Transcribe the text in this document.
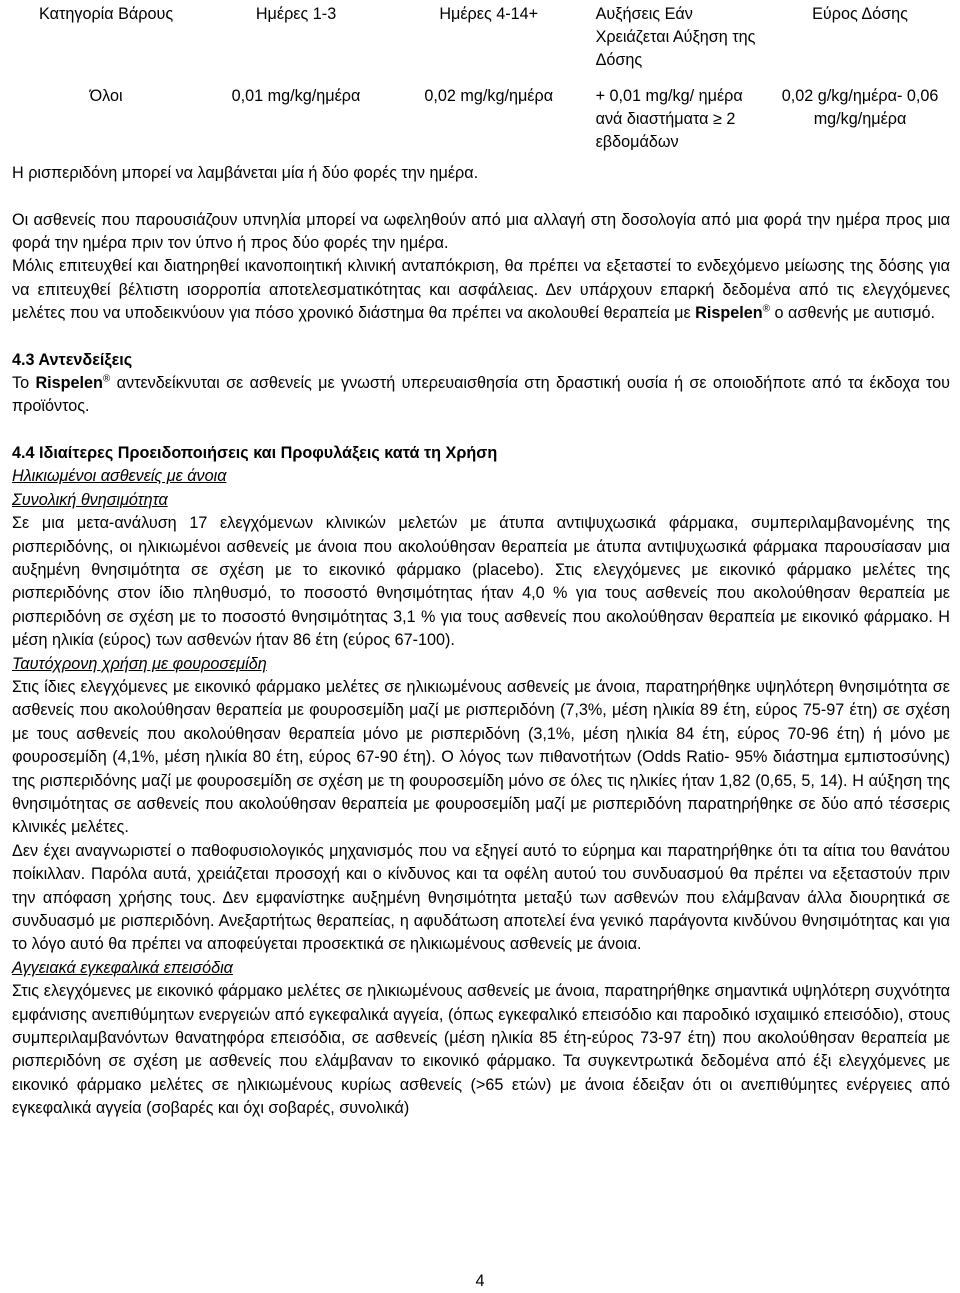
Κατηγορία Βάρους	Ημέρες 1-3	Ημέρες 4-14+	Αυξήσεις Εάν Χρειάζεται Αύξηση της Δόσης	Εύρος Δόσης
Όλοι	0,01 mg/kg/ημέρα	0,02 mg/kg/ημέρα	+ 0,01 mg/kg/ ημέρα ανά διαστήματα ≥ 2 εβδομάδων	0,02 g/kg/ημέρα- 0,06 mg/kg/ημέρα

Η ρισπεριδόνη μπορεί να λαμβάνεται μία ή δύο φορές την ημέρα.

Οι ασθενείς που παρουσιάζουν υπνηλία μπορεί να ωφεληθούν από μια αλλαγή στη δοσολογία από μια φορά την ημέρα προς μια φορά την ημέρα πριν τον ύπνο ή προς δύο φορές την ημέρα.

Μόλις επιτευχθεί και διατηρηθεί ικανοποιητική κλινική ανταπόκριση, θα πρέπει να εξεταστεί το ενδεχόμενο μείωσης της δόσης για να επιτευχθεί βέλτιστη ισορροπία αποτελεσματικότητας και ασφάλειας. Δεν υπάρχουν επαρκή δεδομένα από τις ελεγχόμενες μελέτες που να υποδεικνύουν για πόσο χρονικό διάστημα θα πρέπει να ακολουθεί θεραπεία με Rispelen® ο ασθενής με αυτισμό.

4.3 Αντενδείξεις

Το Rispelen® αντενδείκνυται σε ασθενείς με γνωστή υπερευαισθησία στη δραστική ουσία ή σε οποιοδήποτε από τα έκδοχα του προϊόντος.

4.4 Ιδιαίτερες Προειδοποιήσεις και Προφυλάξεις κατά τη Χρήση

Ηλικιωμένοι ασθενείς με άνοια

Συνολική θνησιμότητα

Σε μια μετα-ανάλυση 17 ελεγχόμενων κλινικών μελετών με άτυπα αντιψυχωσικά φάρμακα, συμπεριλαμβανομένης της ρισπεριδόνης, οι ηλικιωμένοι ασθενείς με άνοια που ακολούθησαν θεραπεία με άτυπα αντιψυχωσικά φάρμακα παρουσίασαν μια αυξημένη θνησιμότητα σε σχέση με το εικονικό φάρμακο (placebo). Στις ελεγχόμενες με εικονικό φάρμακο μελέτες της ρισπεριδόνης στον ίδιο πληθυσμό, το ποσοστό θνησιμότητας ήταν 4,0 % για τους ασθενείς που ακολούθησαν θεραπεία με ρισπεριδόνη σε σχέση με το ποσοστό θνησιμότητας 3,1 % για τους ασθενείς που ακολούθησαν θεραπεία με εικονικό φάρμακο. Η μέση ηλικία (εύρος) των ασθενών ήταν 86 έτη (εύρος 67-100).

Ταυτόχρονη χρήση με φουροσεμίδη

Στις ίδιες ελεγχόμενες με εικονικό φάρμακο μελέτες σε ηλικιωμένους ασθενείς με άνοια, παρατηρήθηκε υψηλότερη θνησιμότητα σε ασθενείς που ακολούθησαν θεραπεία με φουροσεμίδη μαζί με ρισπεριδόνη (7,3%, μέση ηλικία 89 έτη, εύρος 75-97 έτη) σε σχέση με τους ασθενείς που ακολούθησαν θεραπεία μόνο με ρισπεριδόνη (3,1%, μέση ηλικία 84 έτη, εύρος 70-96 έτη) ή μόνο με φουροσεμίδη (4,1%, μέση ηλικία 80 έτη, εύρος 67-90 έτη). Ο λόγος των πιθανοτήτων (Odds Ratio- 95% διάστημα εμπιστοσύνης) της ρισπεριδόνης μαζί με φουροσεμίδη σε σχέση με τη φουροσεμίδη μόνο σε όλες τις ηλικίες ήταν 1,82 (0,65, 5, 14). Η αύξηση της θνησιμότητας σε ασθενείς που ακολούθησαν θεραπεία με φουροσεμίδη μαζί με ρισπεριδόνη παρατηρήθηκε σε δύο από τέσσερις κλινικές μελέτες.

Δεν έχει αναγνωριστεί ο παθοφυσιολογικός μηχανισμός που να εξηγεί αυτό το εύρημα και παρατηρήθηκε ότι τα αίτια του θανάτου ποίκιλλαν. Παρόλα αυτά, χρειάζεται προσοχή και ο κίνδυνος και τα οφέλη αυτού του συνδυασμού θα πρέπει να εξεταστούν πριν την απόφαση χρήσης τους. Δεν εμφανίστηκε αυξημένη θνησιμότητα μεταξύ των ασθενών που ελάμβαναν άλλα διουρητικά σε συνδυασμό με ρισπεριδόνη. Ανεξαρτήτως θεραπείας, η αφυδάτωση αποτελεί ένα γενικό παράγοντα κινδύνου θνησιμότητας και για το λόγο αυτό θα πρέπει να αποφεύγεται προσεκτικά σε ηλικιωμένους ασθενείς με άνοια.

Αγγειακά εγκεφαλικά επεισόδια

Στις ελεγχόμενες με εικονικό φάρμακο μελέτες σε ηλικιωμένους ασθενείς με άνοια, παρατηρήθηκε σημαντικά υψηλότερη συχνότητα εμφάνισης ανεπιθύμητων ενεργειών από εγκεφαλικά αγγεία, (όπως εγκεφαλικό επεισόδιο και παροδικό ισχαιμικό επεισόδιο), στους συμπεριλαμβανόντων θανατηφόρα επεισόδια, σε ασθενείς (μέση ηλικία 85 έτη-εύρος 73-97 έτη) που ακολούθησαν θεραπεία με ρισπεριδόνη σε σχέση με ασθενείς που ελάμβαναν το εικονικό φάρμακο. Τα συγκεντρωτικά δεδομένα από έξι ελεγχόμενες με εικονικό φάρμακο μελέτες σε ηλικιωμένους κυρίως ασθενείς (>65 ετών) με άνοια έδειξαν ότι οι ανεπιθύμητες ενέργειες από εγκεφαλικά αγγεία (σοβαρές και όχι σοβαρές, συνολικά)

4
